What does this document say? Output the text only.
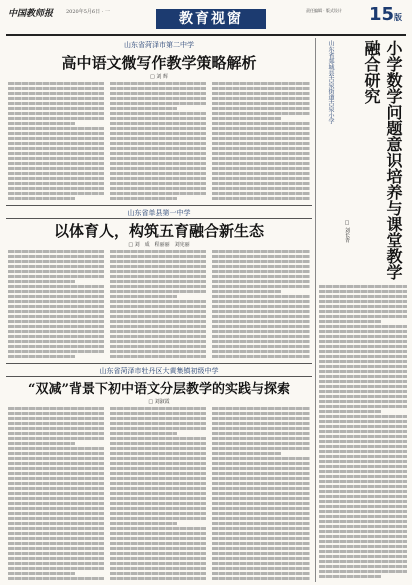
中国教师报	2020年5月6日 · 一	教育视窗
责任编辑 · 版式设计	15版
山东省菏泽市第二中学
高中语文微写作教学策略解析
□ 刘 辉
山东省单县第一中学
以体育人，构筑五育融合新生态
□ 刘　成　程丽丽　刘宪丽
山东省菏泽市牡丹区大黄集镇初级中学
“双减”背景下初中语文分层教学的实践与探索
□ 刘淑霞
山东省郯城县古泉街道古泉小学	小学数学问题意识培养与课堂教学融合研究
□ 刘长青
